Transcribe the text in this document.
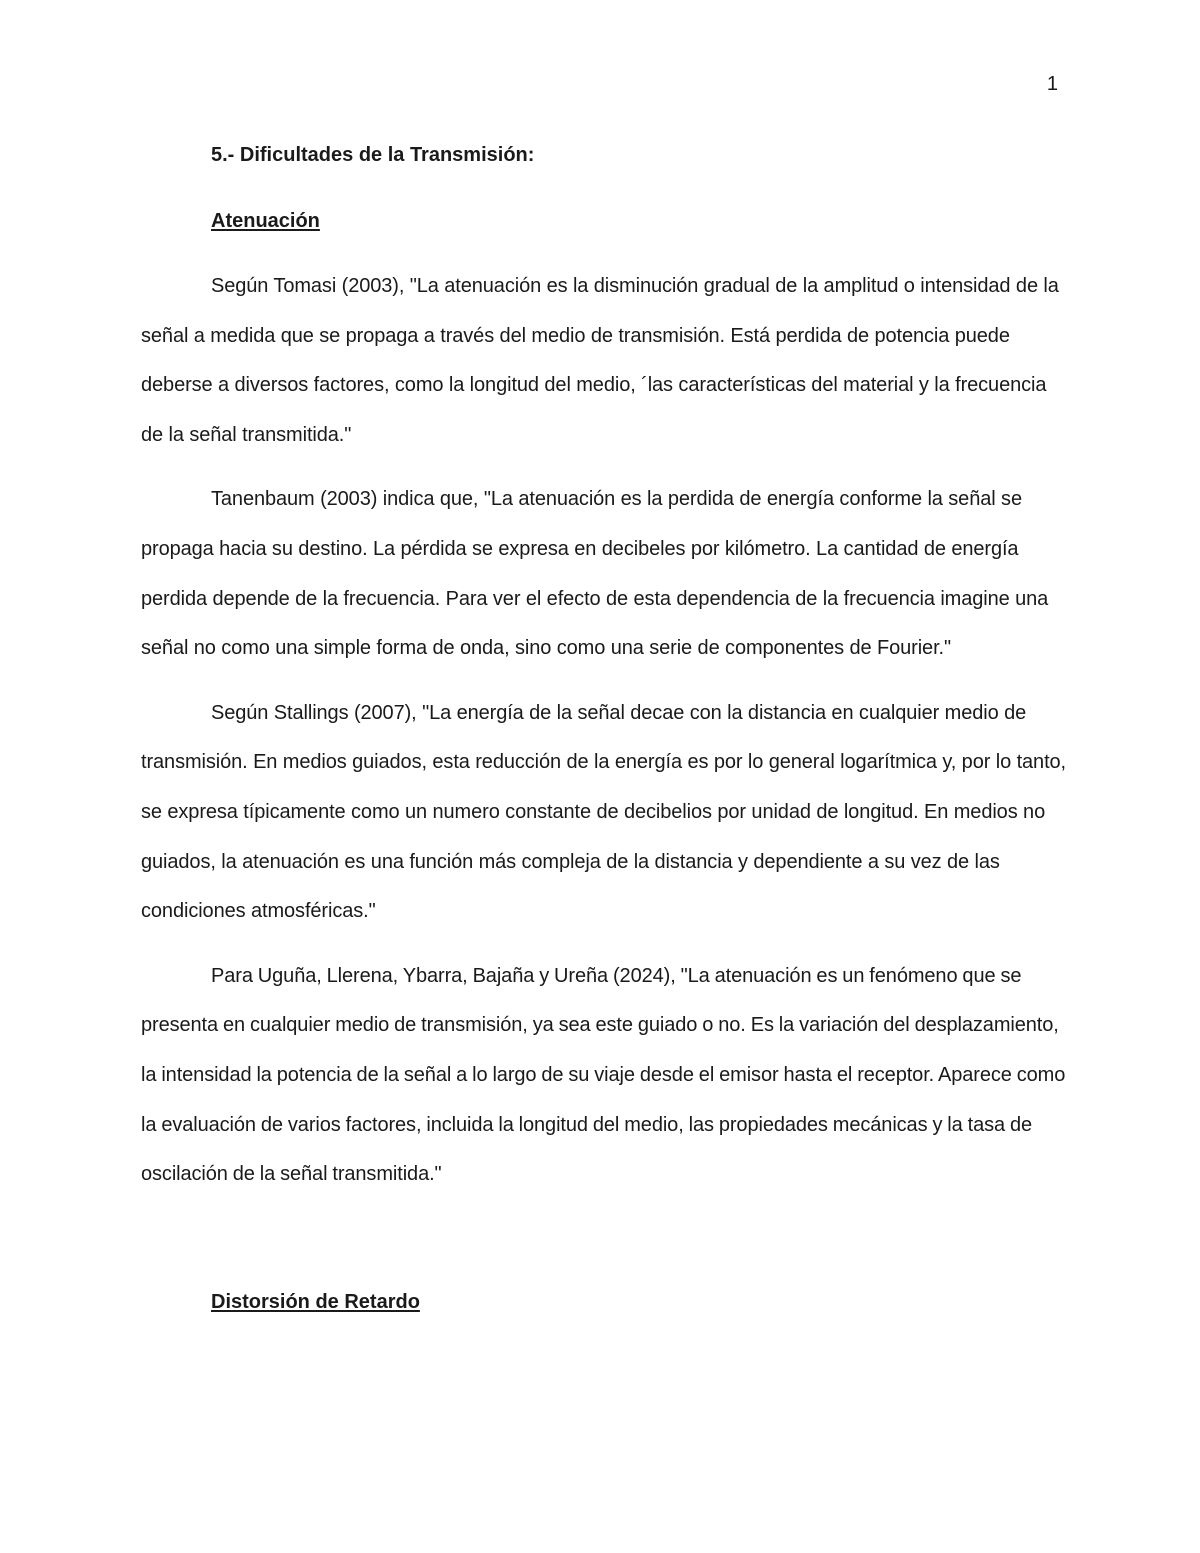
1
5.- Dificultades de la Transmisión:
Atenuación

Según Tomasi (2003), "La atenuación es la disminución gradual de la amplitud o intensidad de la señal a medida que se propaga a través del medio de transmisión. Está perdida de potencia puede deberse a diversos factores, como la longitud del medio, ´las características del material y la frecuencia de la señal transmitida."

Tanenbaum (2003) indica que, "La atenuación es la perdida de energía conforme la señal se propaga hacia su destino. La pérdida se expresa en decibeles por kilómetro. La cantidad de energía perdida depende de la frecuencia. Para ver el efecto de esta dependencia de la frecuencia imagine una señal no como una simple forma de onda, sino como una serie de componentes de Fourier."

Según Stallings (2007), "La energía de la señal decae con la distancia en cualquier medio de transmisión. En medios guiados, esta reducción de la energía es por lo general logarítmica y, por lo tanto, se expresa típicamente como un numero constante de decibelios por unidad de longitud. En medios no guiados, la atenuación es una función más compleja de la distancia y dependiente a su vez de las condiciones atmosféricas."

Para Uguña, Llerena, Ybarra, Bajaña y Ureña (2024), "La atenuación es un fenómeno que se presenta en cualquier medio de transmisión, ya sea este guiado o no. Es la variación del desplazamiento, la intensidad la potencia de la señal a lo largo de su viaje desde el emisor hasta el receptor. Aparece como la evaluación de varios factores, incluida la longitud del medio, las propiedades mecánicas y la tasa de oscilación de la señal transmitida."

Distorsión de Retardo
